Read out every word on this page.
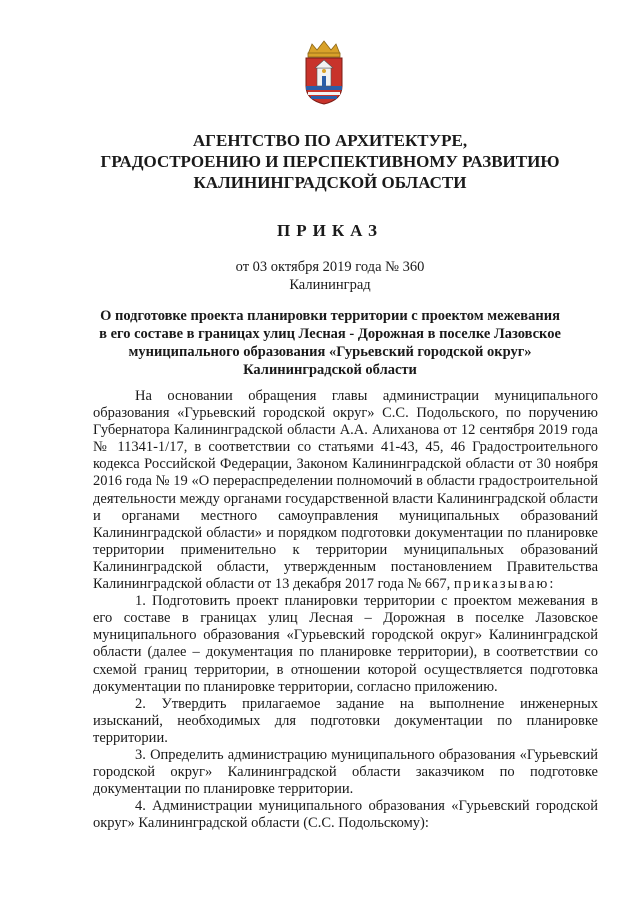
АГЕНТСТВО ПО АРХИТЕКТУРЕ,
ГРАДОСТРОЕНИЮ И ПЕРСПЕКТИВНОМУ РАЗВИТИЮ
КАЛИНИНГРАДСКОЙ ОБЛАСТИ
ПРИКАЗ
от 03 октября 2019 года № 360
Калининград
О подготовке проекта планировки территории с проектом межевания
в его составе в границах улиц Лесная - Дорожная в поселке Лазовское
муниципального образования «Гурьевский городской округ»
Калининградской области

На основании обращения главы администрации муниципального образования «Гурьевский городской округ» С.С. Подольского, по поручению Губернатора Калининградской области А.А. Алиханова от 12 сентября 2019 года № 11341-1/17, в соответствии со статьями 41-43, 45, 46 Градостроительного кодекса Российской Федерации, Законом Калининградской области от 30 ноября 2016 года № 19 «О перераспределении полномочий в области градостроительной деятельности между органами государственной власти Калининградской области и органами местного самоуправления муниципальных образований Калининградской области» и порядком подготовки документации по планировке территории применительно к территории муниципальных образований Калининградской области, утвержденным постановлением Правительства Калининградской области от 13 декабря 2017 года № 667, приказываю:

1. Подготовить проект планировки территории с проектом межевания в его составе в границах улиц Лесная – Дорожная в поселке Лазовское муниципального образования «Гурьевский городской округ» Калининградской области (далее – документация по планировке территории), в соответствии со схемой границ территории, в отношении которой осуществляется подготовка документации по планировке территории, согласно приложению.

2. Утвердить прилагаемое задание на выполнение инженерных изысканий, необходимых для подготовки документации по планировке территории.

3. Определить администрацию муниципального образования «Гурьевский городской округ» Калининградской области заказчиком по подготовке документации по планировке территории.

4. Администрации муниципального образования «Гурьевский городской округ» Калининградской области (С.С. Подольскому):
